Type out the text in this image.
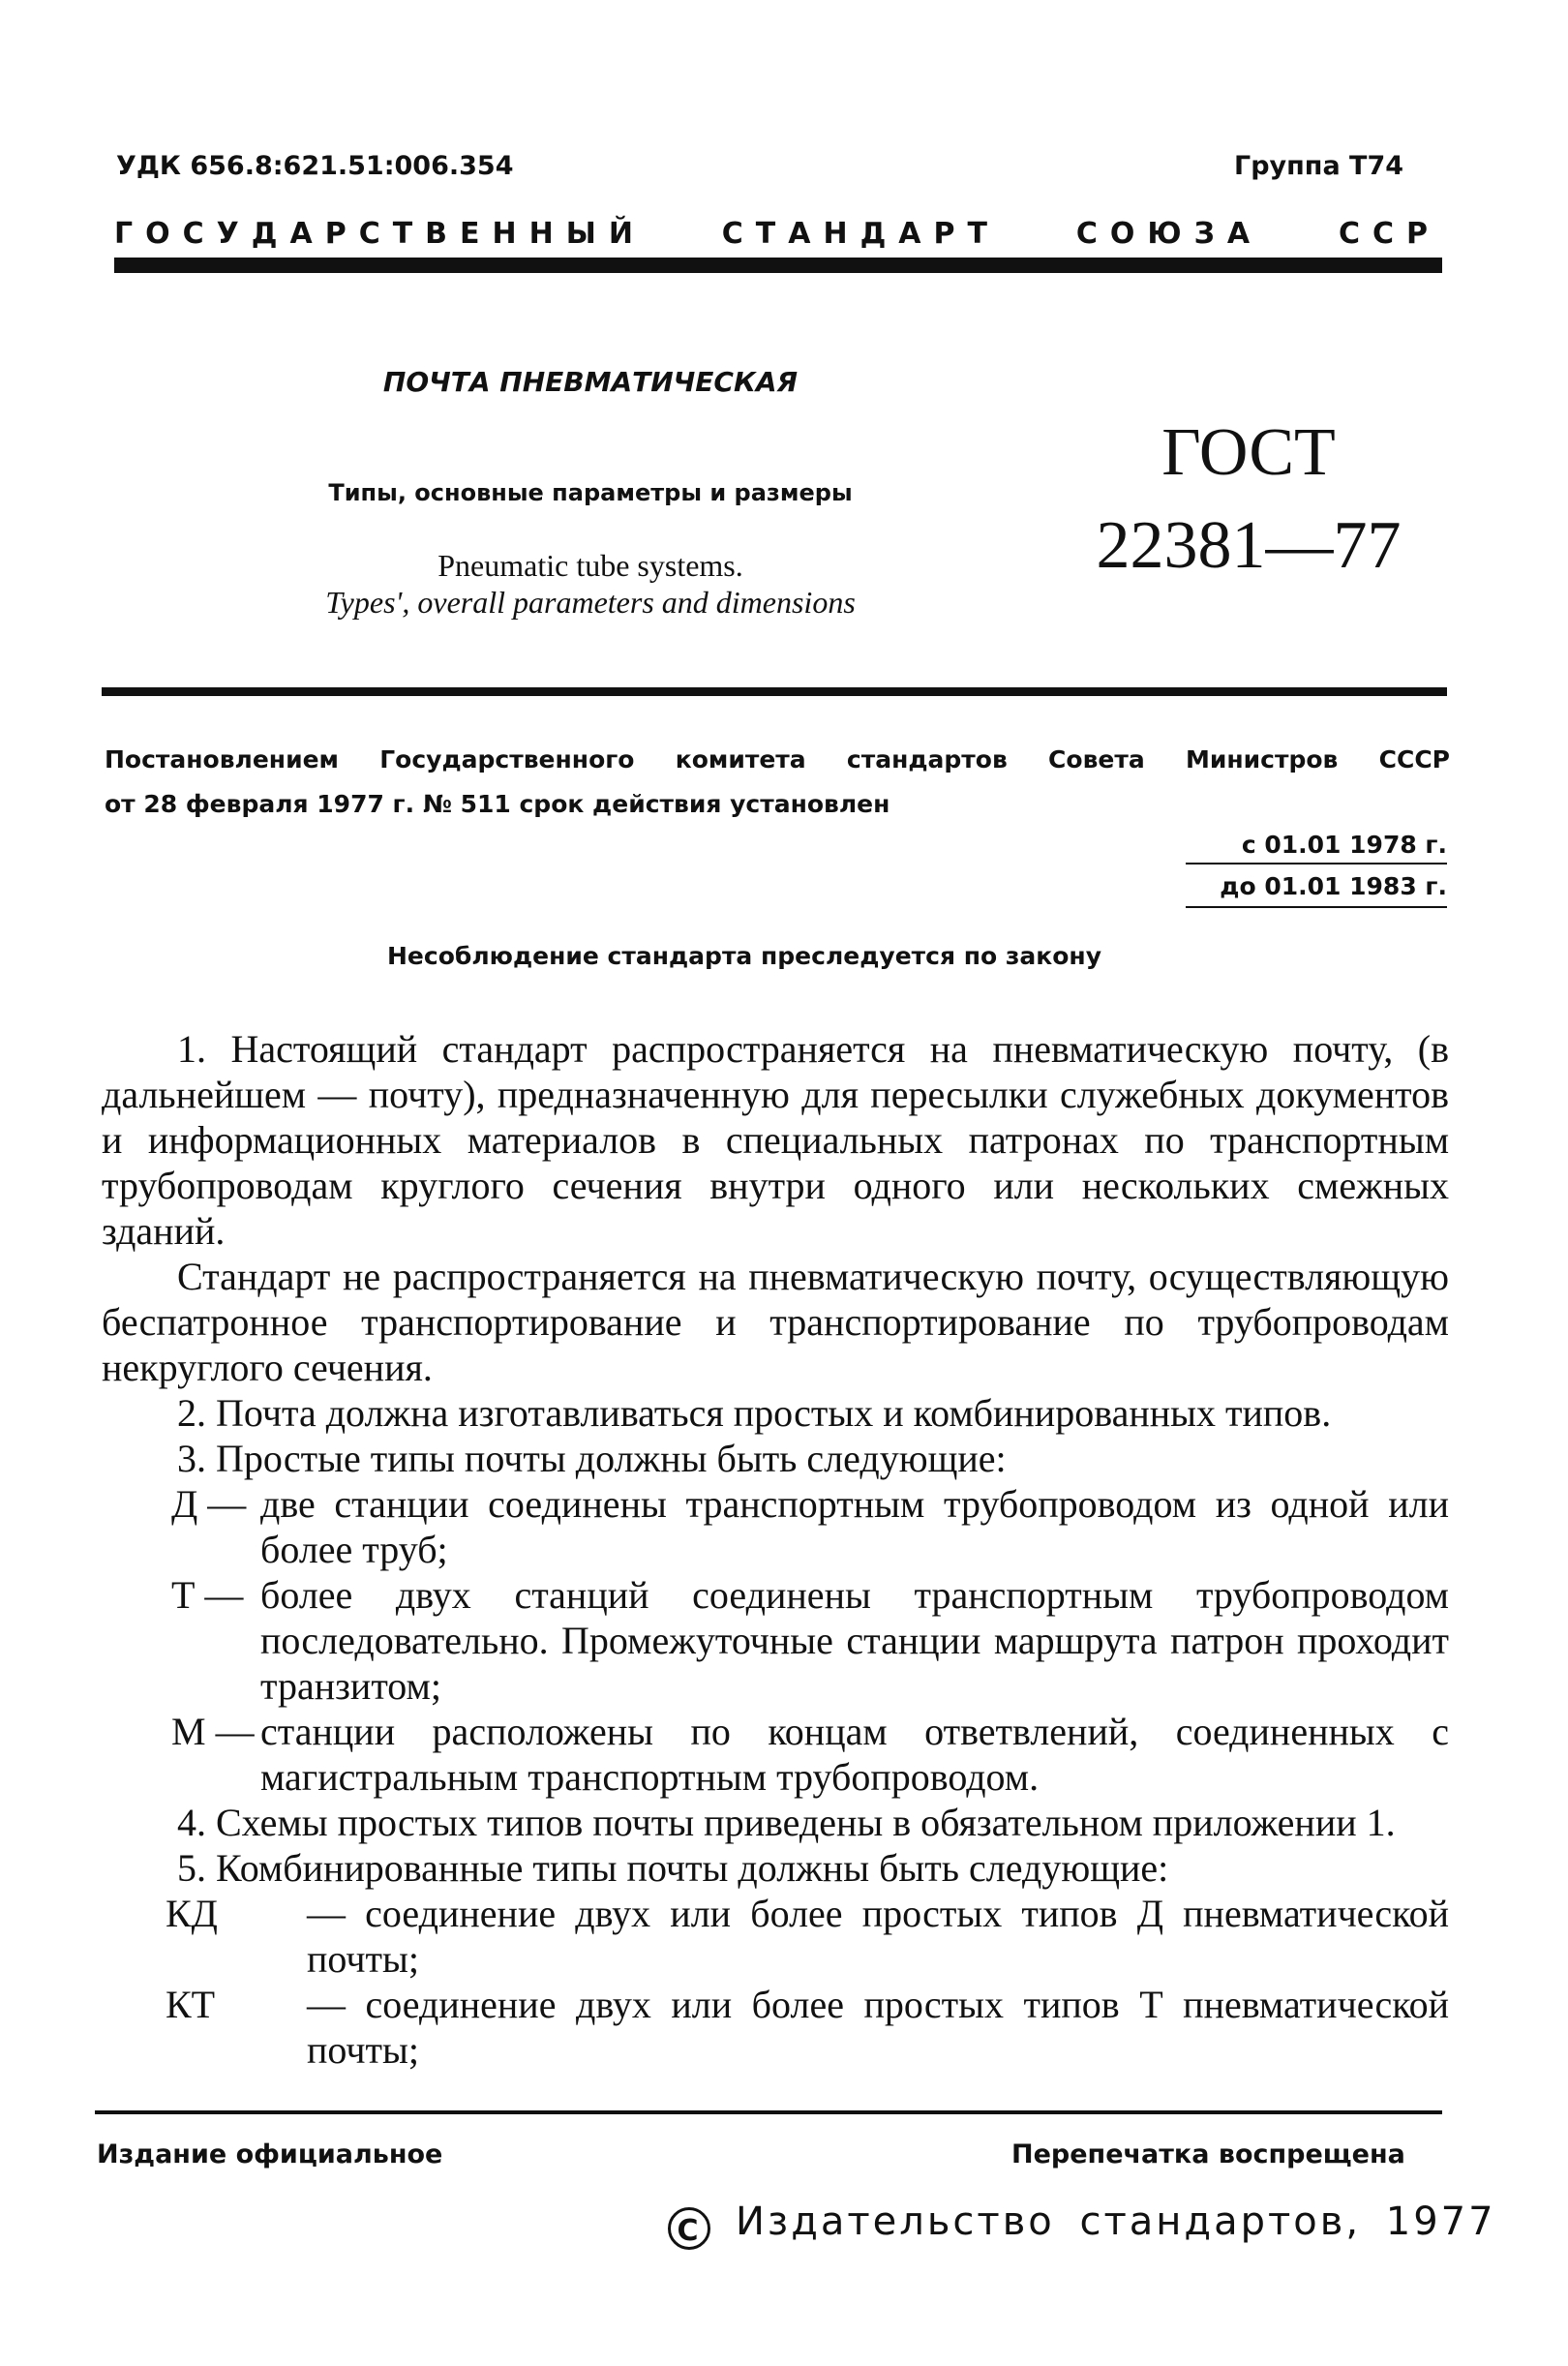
УДК 656.8:621.51:006.354	Группа Т74
ГОСУДАРСТВЕННЫЙ	СТАНДАРТ	СОЮЗА	ССР
ПОЧТА ПНЕВМАТИЧЕСКАЯ
Типы, основные параметры и размеры
Pneumatic tube systems.
Types', overall parameters and dimensions
ГОСТ
22381—77
Постановлением Государственного комитета стандартов Совета Министров СССР
от 28 февраля 1977 г. № 511 срок действия установлен
с 01.01 1978 г.
до 01.01 1983 г.
Несоблюдение стандарта преследуется по закону

1. Настоящий стандарт распространяется на пневматическую почту, (в дальнейшем — почту), предназначенную для пересылки служебных документов и информационных материалов в специальных патронах по транспортным трубопроводам круглого сечения внутри одного или нескольких смежных зданий.

Стандарт не распространяется на пневматическую почту, осуществляющую беспатронное транспортирование и транспортирование по трубопроводам некруглого сечения.

2. Почта должна изготавливаться простых и комбинированных типов.

3. Простые типы почты должны быть следующие:

Д — две станции соединены транспортным трубопроводом из одной или более труб;
Т — более двух станций соединены транспортным трубопроводом последовательно. Промежуточные станции маршрута патрон проходит транзитом;
М — станции расположены по концам ответвлений, соединенных с магистральным транспортным трубопроводом.

4. Схемы простых типов почты приведены в обязательном приложении 1.

5. Комбинированные типы почты должны быть следующие:

КД	— соединение двух или более простых типов Д пневматической почты;
КТ	— соединение двух или более простых типов Т пневматической почты;
Издание официальное	Перепечатка воспрещена
С Издательство стандартов, 1977
